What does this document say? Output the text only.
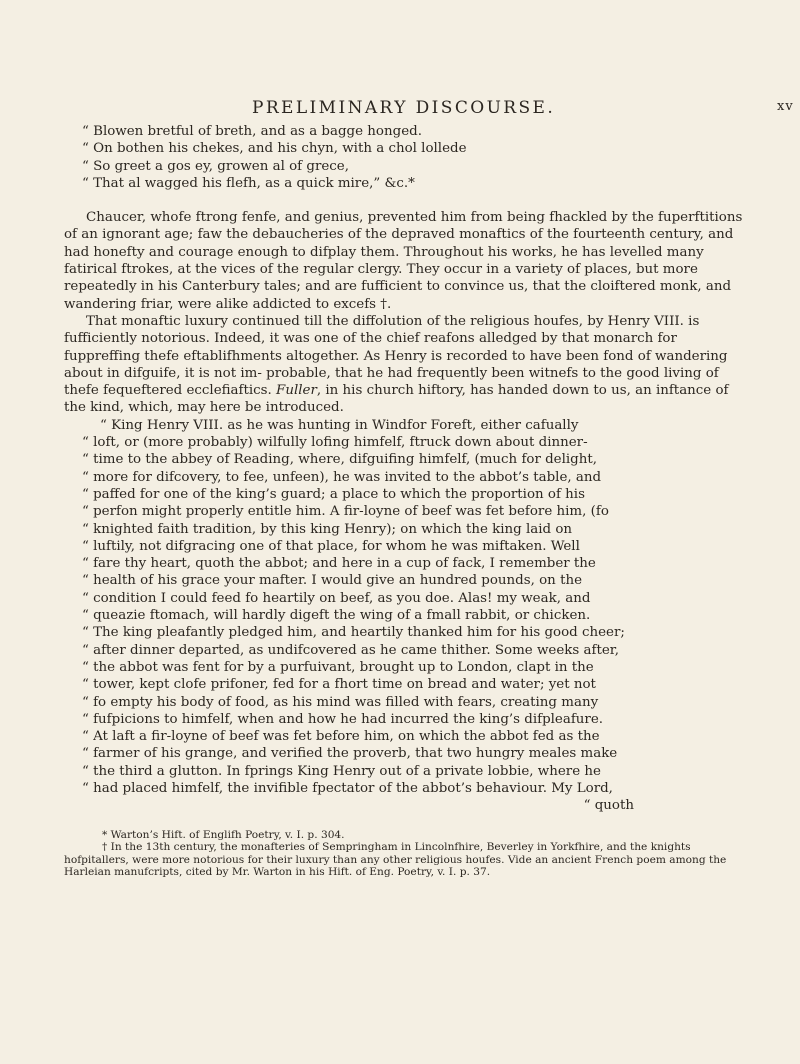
PRELIMINARY DISCOURSE.	xv
“ Blowen bretful of breth, and as a bagge honged.
“ On bothen his chekes, and his chyn, with a chol lollede
“ So greet a gos ey, growen al of grece,
“ That al wagged his flefh, as a quick mire,” &c.*

Chaucer, whofe ftrong fenfe, and genius, prevented him from being fhackled by the fuperftitions of an ignorant age; faw the debaucheries of the depraved monaftics of the fourteenth century, and had honefty and courage enough to difplay them. Throughout his works, he has levelled many fatirical ftrokes, at the vices of the regular clergy. They occur in a variety of places, but more repeatedly in his Canterbury tales; and are fufficient to convince us, that the cloiftered monk, and wandering friar, were alike addicted to excefs †.

That monaftic luxury continued till the diffolution of the religious houfes, by Henry VIII. is fufficiently notorious. Indeed, it was one of the chief reafons alledged by that monarch for fuppreffing thefe eftablifhments altogether. As Henry is recorded to have been fond of wandering about in difguife, it is not im- probable, that he had frequently been witnefs to the good living of thefe fequeftered ecclefiaftics. Fuller, in his church hiftory, has handed down to us, an inftance of the kind, which, may here be introduced.

“ King Henry VIII. as he was hunting in Windfor Foreft, either cafually
“ loft, or (more probably) wilfully lofing himfelf, ftruck down about dinner-
“ time to the abbey of Reading, where, difguifing himfelf, (much for delight,
“ more for difcovery, to fee, unfeen), he was invited to the abbot’s table, and
“ paffed for one of the king’s guard; a place to which the proportion of his
“ perfon might properly entitle him. A fir-loyne of beef was fet before him, (fo
“ knighted faith tradition, by this king Henry); on which the king laid on
“ luftily, not difgracing one of that place, for whom he was miftaken. Well
“ fare thy heart, quoth the abbot; and here in a cup of fack, I remember the
“ health of his grace your mafter. I would give an hundred pounds, on the
“ condition I could feed fo heartily on beef, as you doe. Alas! my weak, and
“ queazie ftomach, will hardly digeft the wing of a fmall rabbit, or chicken.
“ The king pleafantly pledged him, and heartily thanked him for his good cheer;
“ after dinner departed, as undifcovered as he came thither. Some weeks after,
“ the abbot was fent for by a purfuivant, brought up to London, clapt in the
“ tower, kept clofe prifoner, fed for a fhort time on bread and water; yet not
“ fo empty his body of food, as his mind was filled with fears, creating many
“ fufpicions to himfelf, when and how he had incurred the king’s difpleafure.
“ At laft a fir-loyne of beef was fet before him, on which the abbot fed as the
“ farmer of his grange, and verified the proverb, that two hungry meales make
“ the third a glutton. In fprings King Henry out of a private lobbie, where he
“ had placed himfelf, the invifible fpectator of the abbot’s behaviour. My Lord,
“ quoth

* Warton’s Hift. of Englifh Poetry, v. I. p. 304.

† In the 13th century, the monafteries of Sempringham in Lincolnfhire, Beverley in Yorkfhire, and the knights hofpitallers, were more notorious for their luxury than any other religious houfes. Vide an ancient French poem among the Harleian manufcripts, cited by Mr. Warton in his Hift. of Eng. Poetry, v. I. p. 37.
